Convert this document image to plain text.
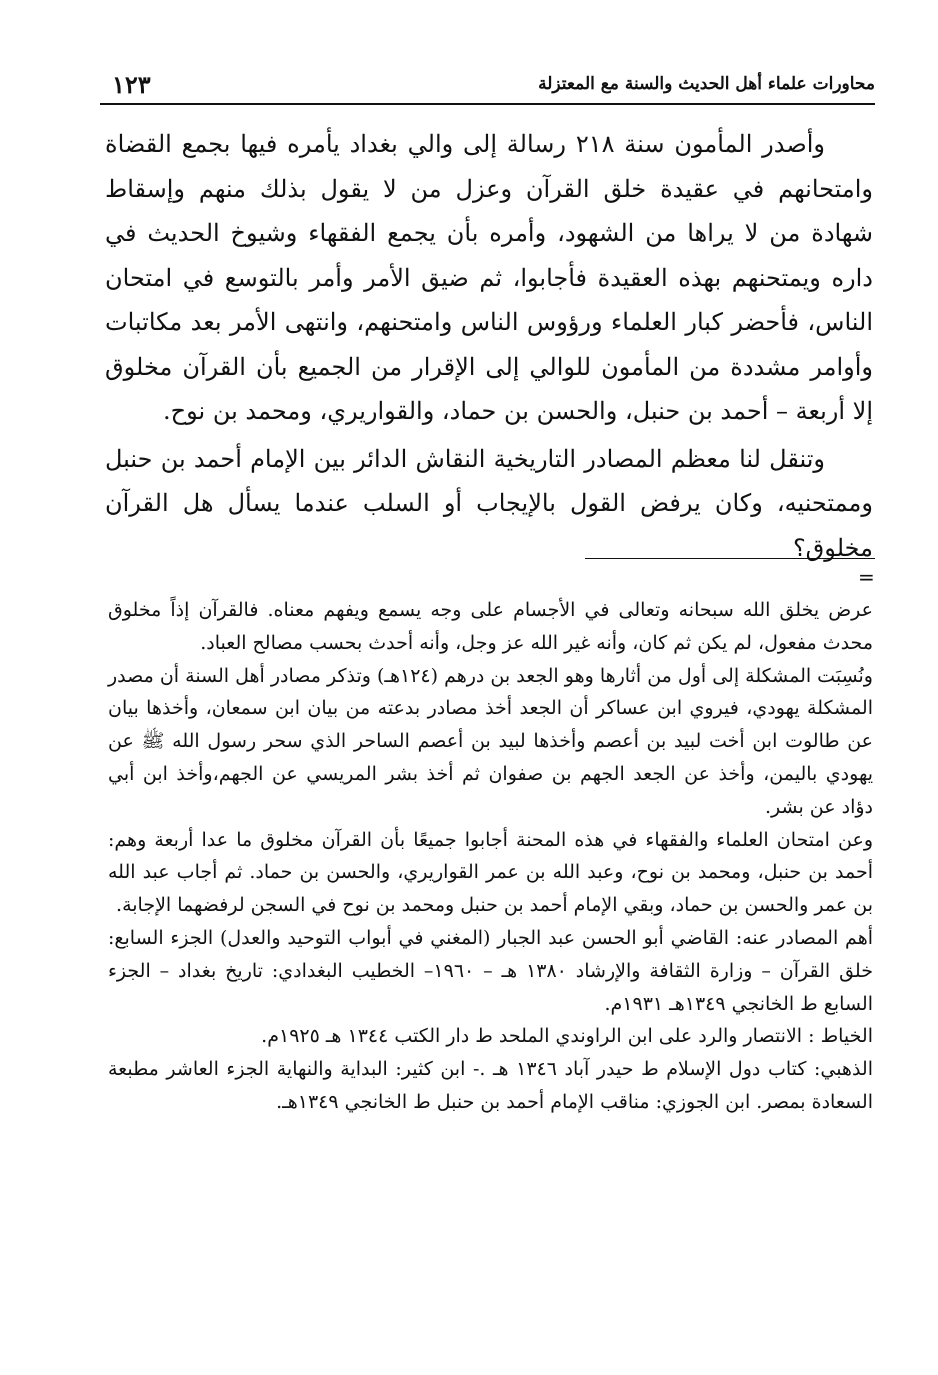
محاورات علماء أهل الحديث والسنة مع المعتزلة
١٢٣

وأصدر المأمون سنة ٢١٨ رسالة إلى والي بغداد يأمره فيها بجمع القضاة وامتحانهم في عقيدة خلق القرآن وعزل من لا يقول بذلك منهم وإسقاط شهادة من لا يراها من الشهود، وأمره بأن يجمع الفقهاء وشيوخ الحديث في داره ويمتحنهم بهذه العقيدة فأجابوا، ثم ضيق الأمر وأمر بالتوسع في امتحان الناس، فأحضر كبار العلماء ورؤوس الناس وامتحنهم، وانتهى الأمر بعد مكاتبات وأوامر مشددة من المأمون للوالي إلى الإقرار من الجميع بأن القرآن مخلوق إلا أربعة – أحمد بن حنبل، والحسن بن حماد، والقواريري، ومحمد بن نوح.

وتنقل لنا معظم المصادر التاريخية النقاش الدائر بين الإمام أحمد بن حنبل وممتحنيه، وكان يرفض القول بالإيجاب أو السلب عندما يسأل هل القرآن مخلوق؟

=

عرض يخلق الله سبحانه وتعالى في الأجسام على وجه يسمع ويفهم معناه. فالقرآن إذاً مخلوق محدث مفعول، لم يكن ثم كان، وأنه غير الله عز وجل، وأنه أحدث بحسب مصالح العباد.

ونُسِبَت المشكلة إلى أول من أثارها وهو الجعد بن درهم (١٢٤هـ) وتذكر مصادر أهل السنة أن مصدر المشكلة يهودي، فيروي ابن عساكر أن الجعد أخذ مصادر بدعته من بيان ابن سمعان، وأخذها بيان عن طالوت ابن أخت لبيد بن أعصم وأخذها لبيد بن أعصم الساحر الذي سحر رسول الله ﷺ عن يهودي باليمن، وأخذ عن الجعد الجهم بن صفوان ثم أخذ بشر المريسي عن الجهم،وأخذ ابن أبي دؤاد عن بشر.

وعن امتحان العلماء والفقهاء في هذه المحنة أجابوا جميعًا بأن القرآن مخلوق ما عدا أربعة وهم: أحمد بن حنبل، ومحمد بن نوح، وعبد الله بن عمر القواريري، والحسن بن حماد. ثم أجاب عبد الله بن عمر والحسن بن حماد، وبقي الإمام أحمد بن حنبل ومحمد بن نوح في السجن لرفضهما الإجابة.

أهم المصادر عنه: القاضي أبو الحسن عبد الجبار (المغني في أبواب التوحيد والعدل) الجزء السابع: خلق القرآن – وزارة الثقافة والإرشاد ١٣٨٠ هـ – ١٩٦٠– الخطيب البغدادي: تاريخ بغداد – الجزء السابع ط الخانجي ١٣٤٩هـ ١٩٣١م.

الخياط : الانتصار والرد على ابن الراوندي الملحد ط دار الكتب ١٣٤٤ هـ ١٩٢٥م.

الذهبي: كتاب دول الإسلام ط حيدر آباد ١٣٤٦ هـ .- ابن كثير: البداية والنهاية الجزء العاشر مطبعة السعادة بمصر. ابن الجوزي: مناقب الإمام أحمد بن حنبل ط الخانجي ١٣٤٩هـ.
